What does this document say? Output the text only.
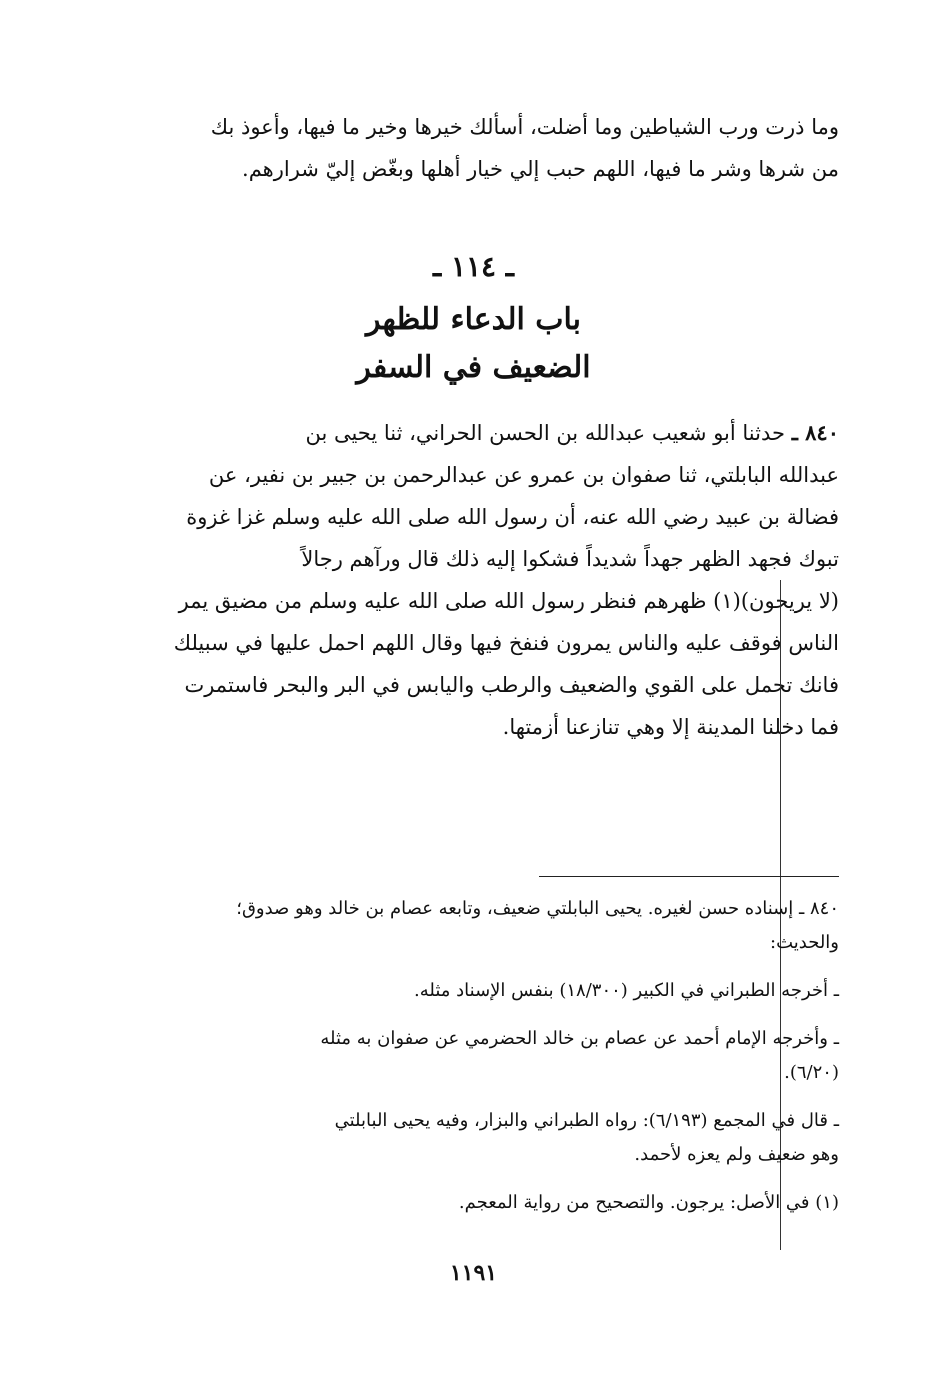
وما ذرت ورب الشياطين وما أضلت، أسألك خيرها وخير ما فيها، وأعوذ بك

من شرها وشر ما فيها، اللهم حبب إلي خيار أهلها وبغّض إليّ شرارهم.

ـ ١١٤ ـ
باب الدعاء للظهر
الضعيف في السفر

٨٤٠ ـ حدثنا أبو شعيب عبدالله بن الحسن الحراني، ثنا يحيى بن

عبدالله البابلتي، ثنا صفوان بن عمرو عن عبدالرحمن بن جبير بن نفير، عن

فضالة بن عبيد رضي الله عنه، أن رسول الله صلى الله عليه وسلم غزا غزوة

تبوك فجهد الظهر جهداً شديداً فشكوا إليه ذلك قال ورآهم رجالاً

(لا يريحون)(١) ظهرهم فنظر رسول الله صلى الله عليه وسلم من مضيق يمر

الناس فوقف عليه والناس يمرون فنفخ فيها وقال اللهم احمل عليها في سبيلك

فانك تحمل على القوي والضعيف والرطب واليابس في البر والبحر فاستمرت

فما دخلنا المدينة إلا وهي تنازعنا أزمتها.

٨٤٠ ـ إسناده حسن لغيره. يحيى البابلتي ضعيف، وتابعه عصام بن خالد وهو صدوق؛

والحديث:

ـ أخرجه الطبراني في الكبير (١٨/٣٠٠) بنفس الإسناد مثله.

ـ وأخرجه الإمام أحمد عن عصام بن خالد الحضرمي عن صفوان به مثله

(٦/٢٠).

ـ قال في المجمع (٦/١٩٣): رواه الطبراني والبزار، وفيه يحيى البابلتي

وهو ضعيف ولم يعزه لأحمد.

(١) في الأصل: يرجون. والتصحيح من رواية المعجم.

١١٩١
